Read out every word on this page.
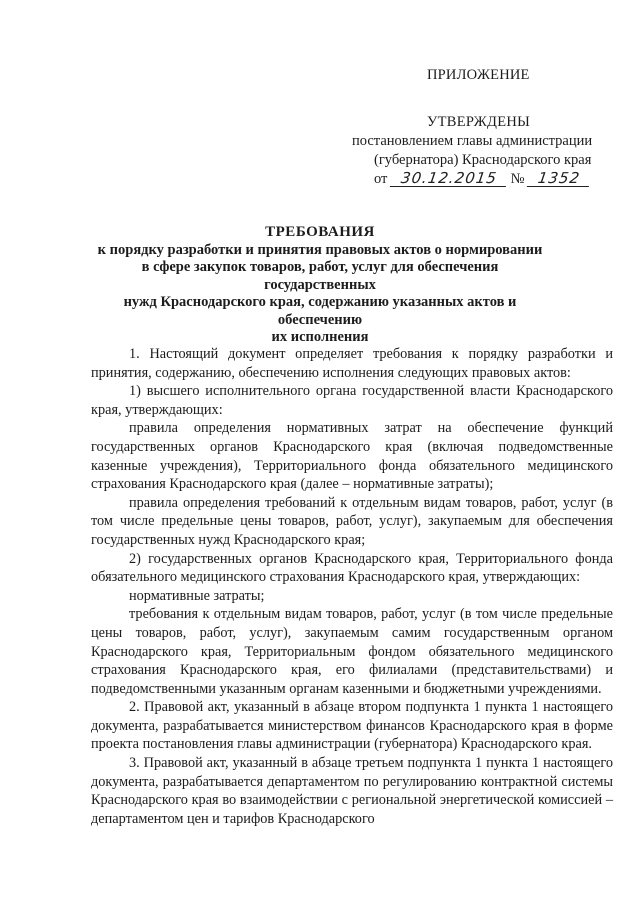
ПРИЛОЖЕНИЕ
УТВЕРЖДЕНЫ
постановлением главы администрации
(губернатора) Краснодарского края
от 30.12.2015 № 1352
ТРЕБОВАНИЯ
к порядку разработки и принятия правовых актов о нормировании
в сфере закупок товаров, работ, услуг для обеспечения государственных
нужд Краснодарского края, содержанию указанных актов и обеспечению
их исполнения

1. Настоящий документ определяет требования к порядку разработки и принятия, содержанию, обеспечению исполнения следующих правовых актов:

1) высшего исполнительного органа государственной власти Краснодарского края, утверждающих:

правила определения нормативных затрат на обеспечение функций государственных органов Краснодарского края (включая подведомственные казенные учреждения), Территориального фонда обязательного медицинского страхования Краснодарского края (далее – нормативные затраты);

правила определения требований к отдельным видам товаров, работ, услуг (в том числе предельные цены товаров, работ, услуг), закупаемым для обеспечения государственных нужд Краснодарского края;

2) государственных органов Краснодарского края, Территориального фонда обязательного медицинского страхования Краснодарского края, утверждающих:

нормативные затраты;

требования к отдельным видам товаров, работ, услуг (в том числе предельные цены товаров, работ, услуг), закупаемым самим государственным органом Краснодарского края, Территориальным фондом обязательного медицинского страхования Краснодарского края, его филиалами (представительствами) и подведомственными указанным органам казенными и бюджетными учреждениями.

2. Правовой акт, указанный в абзаце втором подпункта 1 пункта 1 настоящего документа, разрабатывается министерством финансов Краснодарского края в форме проекта постановления главы администрации (губернатора) Краснодарского края.

3. Правовой акт, указанный в абзаце третьем подпункта 1 пункта 1 настоящего документа, разрабатывается департаментом по регулированию контрактной системы Краснодарского края во взаимодействии с региональной энергетической комиссией – департаментом цен и тарифов Краснодарского
